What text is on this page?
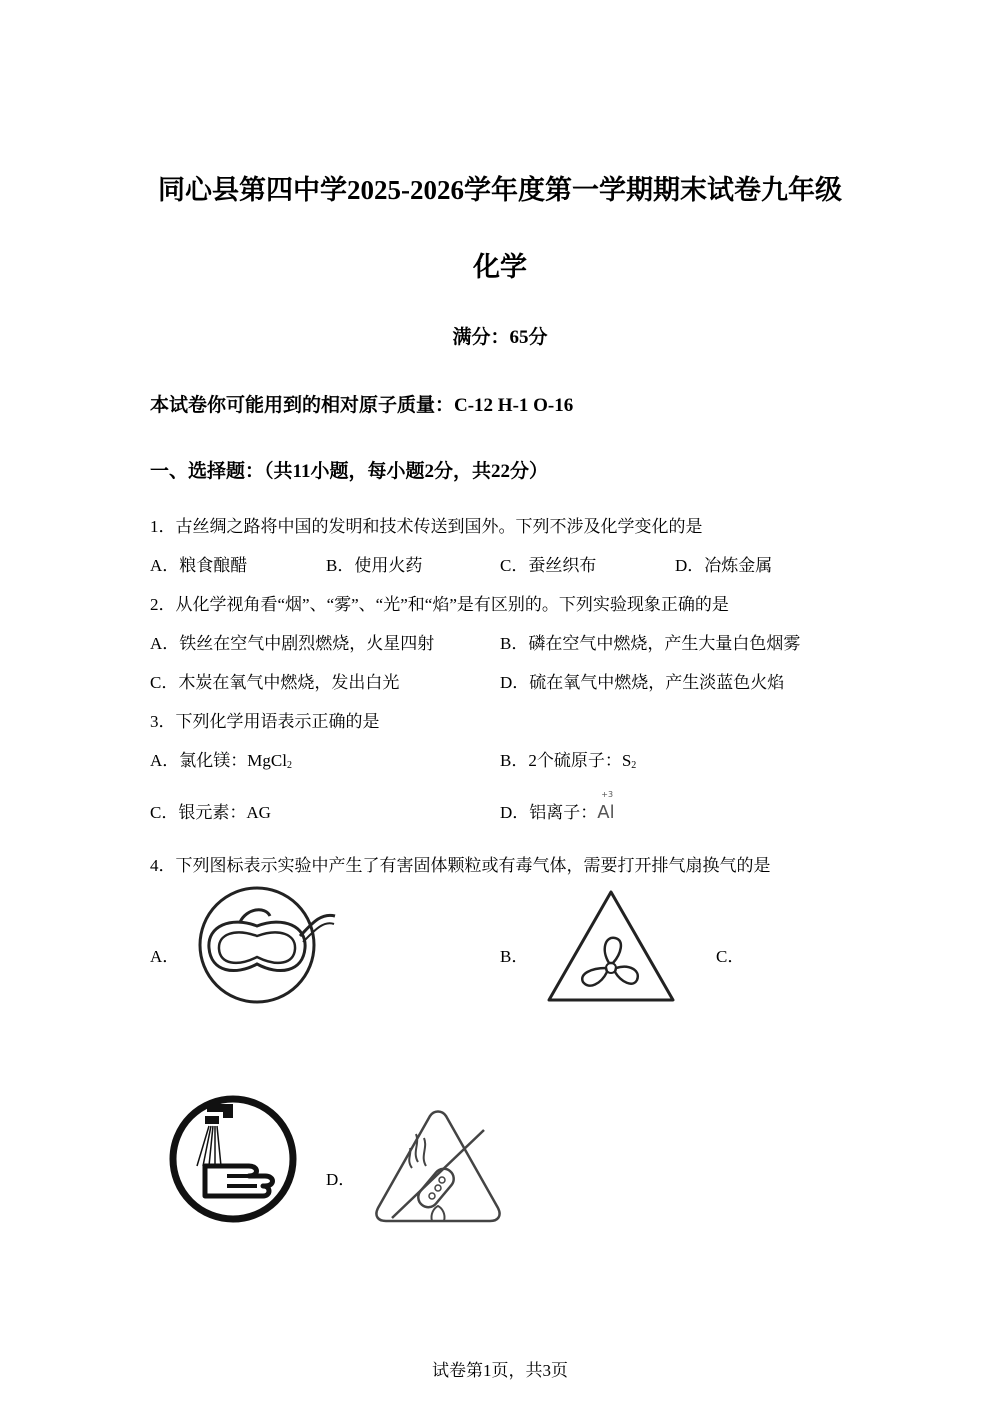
同心县第四中学2025-2026学年度第一学期期末试卷九年级
化学
满分：65分
本试卷你可能用到的相对原子质量：C-12 H-1 O-16
一、选择题：（共11小题，每小题2分，共22分）
1．古丝绸之路将中国的发明和技术传送到国外。下列不涉及化学变化的是
A．粮食酿醋	B．使用火药	C．蚕丝织布	D．冶炼金属
2．从化学视角看“烟”、“雾”、“光”和“焰”是有区别的。下列实验现象正确的是
A．铁丝在空气中剧烈燃烧，火星四射	B．磷在空气中燃烧，产生大量白色烟雾
C．木炭在氧气中燃烧，发出白光	D．硫在氧气中燃烧，产生淡蓝色火焰
3．下列化学用语表示正确的是
A．氯化镁：MgCl$_2$	B．2个硫原子：$S_2$
C．银元素：AG	D．铝离子：
+3
Al
4．下列图标表示实验中产生了有害固体颗粒或有毒气体，需要打开排气扇换气的是
A．	B．	C．
D．
试卷第1页，共3页
